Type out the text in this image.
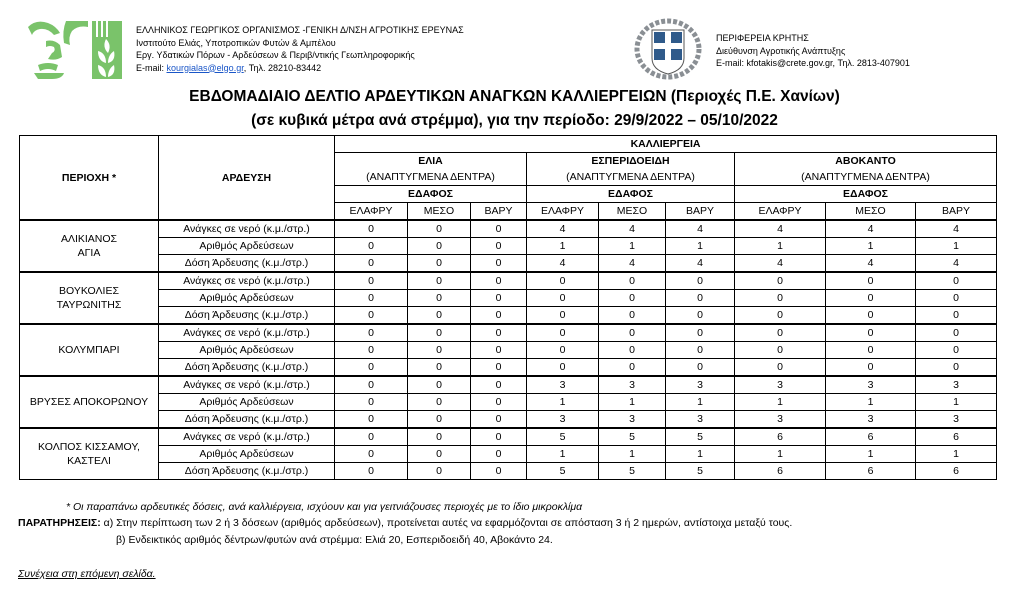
ΕΛΛΗΝΙΚΟΣ ΓΕΩΡΓΙΚΟΣ ΟΡΓΑΝΙΣΜΟΣ -ΓΕΝΙΚΗ Δ/ΝΣΗ ΑΓΡΟΤΙΚΗΣ ΕΡΕΥΝΑΣ
Ινστιτούτο Ελιάς, Υποτροπικών Φυτών & Αμπέλου
Εργ. Υδατικών Πόρων - Αρδεύσεων & Περιβ/ντικής Γεωπληροφορικής
E-mail: kourgialas@elgo.gr, Τηλ. 28210-83442
ΠΕΡΙΦΕΡΕΙΑ ΚΡΗΤΗΣ
Διεύθυνση Αγροτικής Ανάπτυξης
E-mail: kfotakis@crete.gov.gr, Τηλ. 2813-407901
ΕΒΔΟΜΑΔΙΑΙΟ ΔΕΛΤΙΟ ΑΡΔΕΥΤΙΚΩΝ ΑΝΑΓΚΩΝ ΚΑΛΛΙΕΡΓΕΙΩΝ (Περιοχές Π.Ε. Χανίων)
(σε κυβικά μέτρα ανά στρέμμα), για την περίοδο: 29/9/2022 – 05/10/2022
ΠΕΡΙΟΧΗ *	ΑΡΔΕΥΣΗ	ΚΑΛΛΙΕΡΓΕΙΑ								
		ΕΛΙΑ			ΕΣΠΕΡΙΔΟΕΙΔΗ			ΑΒΟΚΑΝΤΟ		
		(ΑΝΑΠΤΥΓΜΕΝΑ ΔΕΝΤΡΑ)			(ΑΝΑΠΤΥΓΜΕΝΑ ΔΕΝΤΡΑ)			(ΑΝΑΠΤΥΓΜΕΝΑ ΔΕΝΤΡΑ)		
		ΕΔΑΦΟΣ			ΕΔΑΦΟΣ			ΕΔΑΦΟΣ		
		ΕΛΑΦΡΥ	ΜΕΣΟ	ΒΑΡΥ	ΕΛΑΦΡΥ	ΜΕΣΟ	ΒΑΡΥ	ΕΛΑΦΡΥ	ΜΕΣΟ	ΒΑΡΥ

ΑΛΙΚΙΑΝΟΣ
ΑΓΙΑ	Ανάγκες σε νερό (κ.μ./στρ.)	0	0	0	4	4	4	4	4	4
	Αριθμός Αρδεύσεων	0	0	0	1	1	1	1	1	1
	Δόση Άρδευσης (κ.μ./στρ.)	0	0	0	4	4	4	4	4	4

ΒΟΥΚΟΛΙΕΣ
ΤΑΥΡΩΝΙΤΗΣ	Ανάγκες σε νερό (κ.μ./στρ.)	0	0	0	0	0	0	0	0	0
	Αριθμός Αρδεύσεων	0	0	0	0	0	0	0	0	0
	Δόση Άρδευσης (κ.μ./στρ.)	0	0	0	0	0	0	0	0	0

ΚΟΛΥΜΠΑΡΙ	Ανάγκες σε νερό (κ.μ./στρ.)	0	0	0	0	0	0	0	0	0
	Αριθμός Αρδεύσεων	0	0	0	0	0	0	0	0	0
	Δόση Άρδευσης (κ.μ./στρ.)	0	0	0	0	0	0	0	0	0

ΒΡΥΣΕΣ ΑΠΟΚΟΡΩΝΟΥ	Ανάγκες σε νερό (κ.μ./στρ.)	0	0	0	3	3	3	3	3	3
	Αριθμός Αρδεύσεων	0	0	0	1	1	1	1	1	1
	Δόση Άρδευσης (κ.μ./στρ.)	0	0	0	3	3	3	3	3	3

ΚΟΛΠΟΣ ΚΙΣΣΑΜΟΥ,
ΚΑΣΤΕΛΙ	Ανάγκες σε νερό (κ.μ./στρ.)	0	0	0	5	5	5	6	6	6
	Αριθμός Αρδεύσεων	0	0	0	1	1	1	1	1	1
	Δόση Άρδευσης (κ.μ./στρ.)	0	0	0	5	5	5	6	6	6
* Οι παραπάνω αρδευτικές δόσεις, ανά καλλιέργεια, ισχύουν και για γειτνιάζουσες περιοχές με το ίδιο μικροκλίμα
ΠΑΡΑΤΗΡΗΣΕΙΣ: α) Στην περίπτωση των 2 ή 3 δόσεων (αριθμός αρδεύσεων), προτείνεται αυτές να εφαρμόζονται σε απόσταση 3 ή 2 ημερών, αντίστοιχα μεταξύ τους.
β) Ενδεικτικός αριθμός δέντρων/φυτών ανά στρέμμα: Ελιά 20, Εσπεριδοειδή 40, Αβοκάντο 24.
Συνέχεια στη επόμενη σελίδα.
